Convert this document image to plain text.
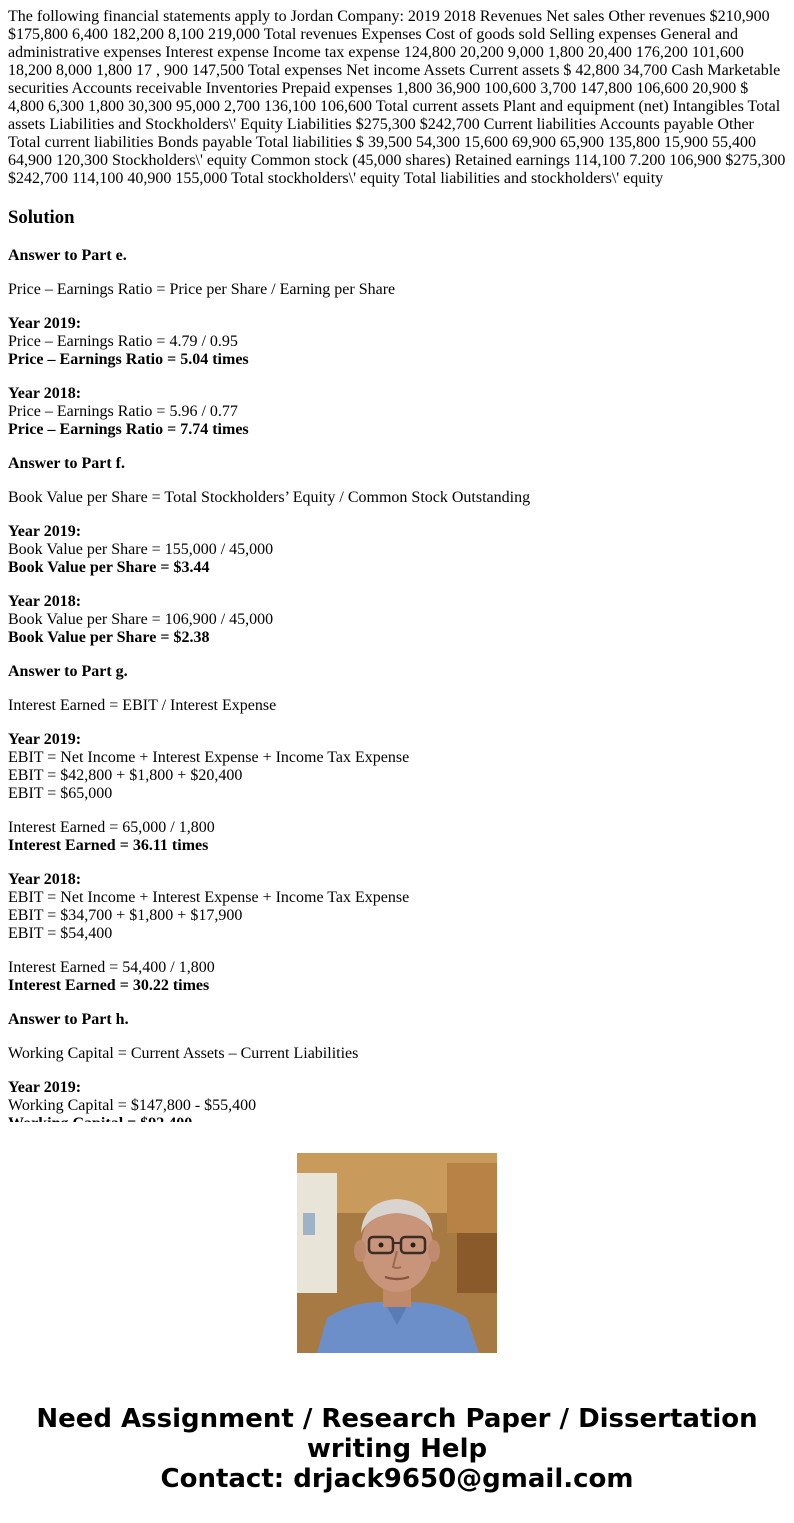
The following financial statements apply to Jordan Company: 2019 2018 Revenues Net sales Other revenues $210,900 $175,800 6,400 182,200 8,100 219,000 Total revenues Expenses Cost of goods sold Selling expenses General and administrative expenses Interest expense Income tax expense 124,800 20,200 9,000 1,800 20,400 176,200 101,600 18,200 8,000 1,800 17 , 900 147,500 Total expenses Net income Assets Current assets $ 42,800 34,700 Cash Marketable securities Accounts receivable Inventories Prepaid expenses 1,800 36,900 100,600 3,700 147,800 106,600 20,900 $ 4,800 6,300 1,800 30,300 95,000 2,700 136,100 106,600 Total current assets Plant and equipment (net) Intangibles Total assets Liabilities and Stockholders\' Equity Liabilities $275,300 $242,700 Current liabilities Accounts payable Other Total current liabilities Bonds payable Total liabilities $ 39,500 54,300 15,600 69,900 65,900 135,800 15,900 55,400 64,900 120,300 Stockholders\' equity Common stock (45,000 shares) Retained earnings 114,100 7.200 106,900 $275,300 $242,700 114,100 40,900 155,000 Total stockholders\' equity Total liabilities and stockholders\' equity
Solution
Answer to Part e.

Price – Earnings Ratio = Price per Share / Earning per Share

Year 2019:
Price – Earnings Ratio = 4.79 / 0.95
Price – Earnings Ratio = 5.04 times
Year 2018:
Price – Earnings Ratio = 5.96 / 0.77
Price – Earnings Ratio = 7.74 times
Answer to Part f.

Book Value per Share = Total Stockholders’ Equity / Common Stock Outstanding

Year 2019:
Book Value per Share = 155,000 / 45,000
Book Value per Share = $3.44
Year 2018:
Book Value per Share = 106,900 / 45,000
Book Value per Share = $2.38
Answer to Part g.

Interest Earned = EBIT / Interest Expense

Year 2019:
EBIT = Net Income + Interest Expense + Income Tax Expense
EBIT = $42,800 + $1,800 + $20,400
EBIT = $65,000
Interest Earned = 65,000 / 1,800
Interest Earned = 36.11 times
Year 2018:
EBIT = Net Income + Interest Expense + Income Tax Expense
EBIT = $34,700 + $1,800 + $17,900
EBIT = $54,400
Interest Earned = 54,400 / 1,800
Interest Earned = 30.22 times
Answer to Part h.

Working Capital = Current Assets – Current Liabilities

Year 2019:
Working Capital = $147,800 - $55,400
Need Assignment / Research Paper / Dissertation
writing Help
Contact: drjack9650@gmail.com
